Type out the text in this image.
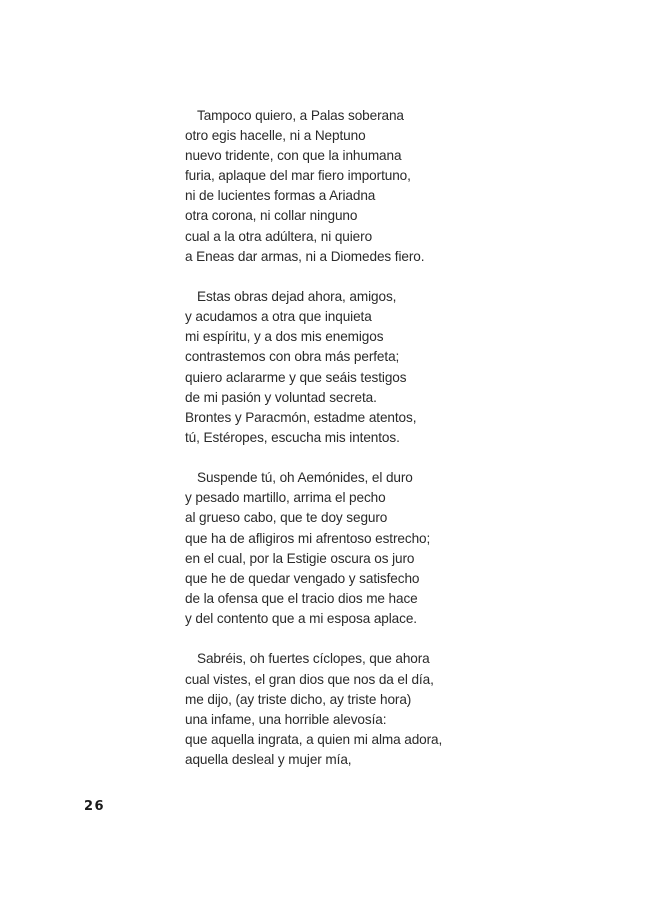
Tampoco quiero, a Palas soberana
otro egis hacelle, ni a Neptuno
nuevo tridente, con que la inhumana
furia, aplaque del mar fiero importuno,
ni de lucientes formas a Ariadna
otra corona, ni collar ninguno
cual a la otra adúltera, ni quiero
a Eneas dar armas, ni a Diomedes fiero.
Estas obras dejad ahora, amigos,
y acudamos a otra que inquieta
mi espíritu, y a dos mis enemigos
contrastemos con obra más perfeta;
quiero aclararme y que seáis testigos
de mi pasión y voluntad secreta.
Brontes y Paracmón, estadme atentos,
tú, Estéropes, escucha mis intentos.
Suspende tú, oh Aemónides, el duro
y pesado martillo, arrima el pecho
al grueso cabo, que te doy seguro
que ha de afligiros mi afrentoso estrecho;
en el cual, por la Estigie oscura os juro
que he de quedar vengado y satisfecho
de la ofensa que el tracio dios me hace
y del contento que a mi esposa aplace.
Sabréis, oh fuertes cíclopes, que ahora
cual vistes, el gran dios que nos da el día,
me dijo, (ay triste dicho, ay triste hora)
una infame, una horrible alevosía:
que aquella ingrata, a quien mi alma adora,
aquella desleal y mujer mía,
26
